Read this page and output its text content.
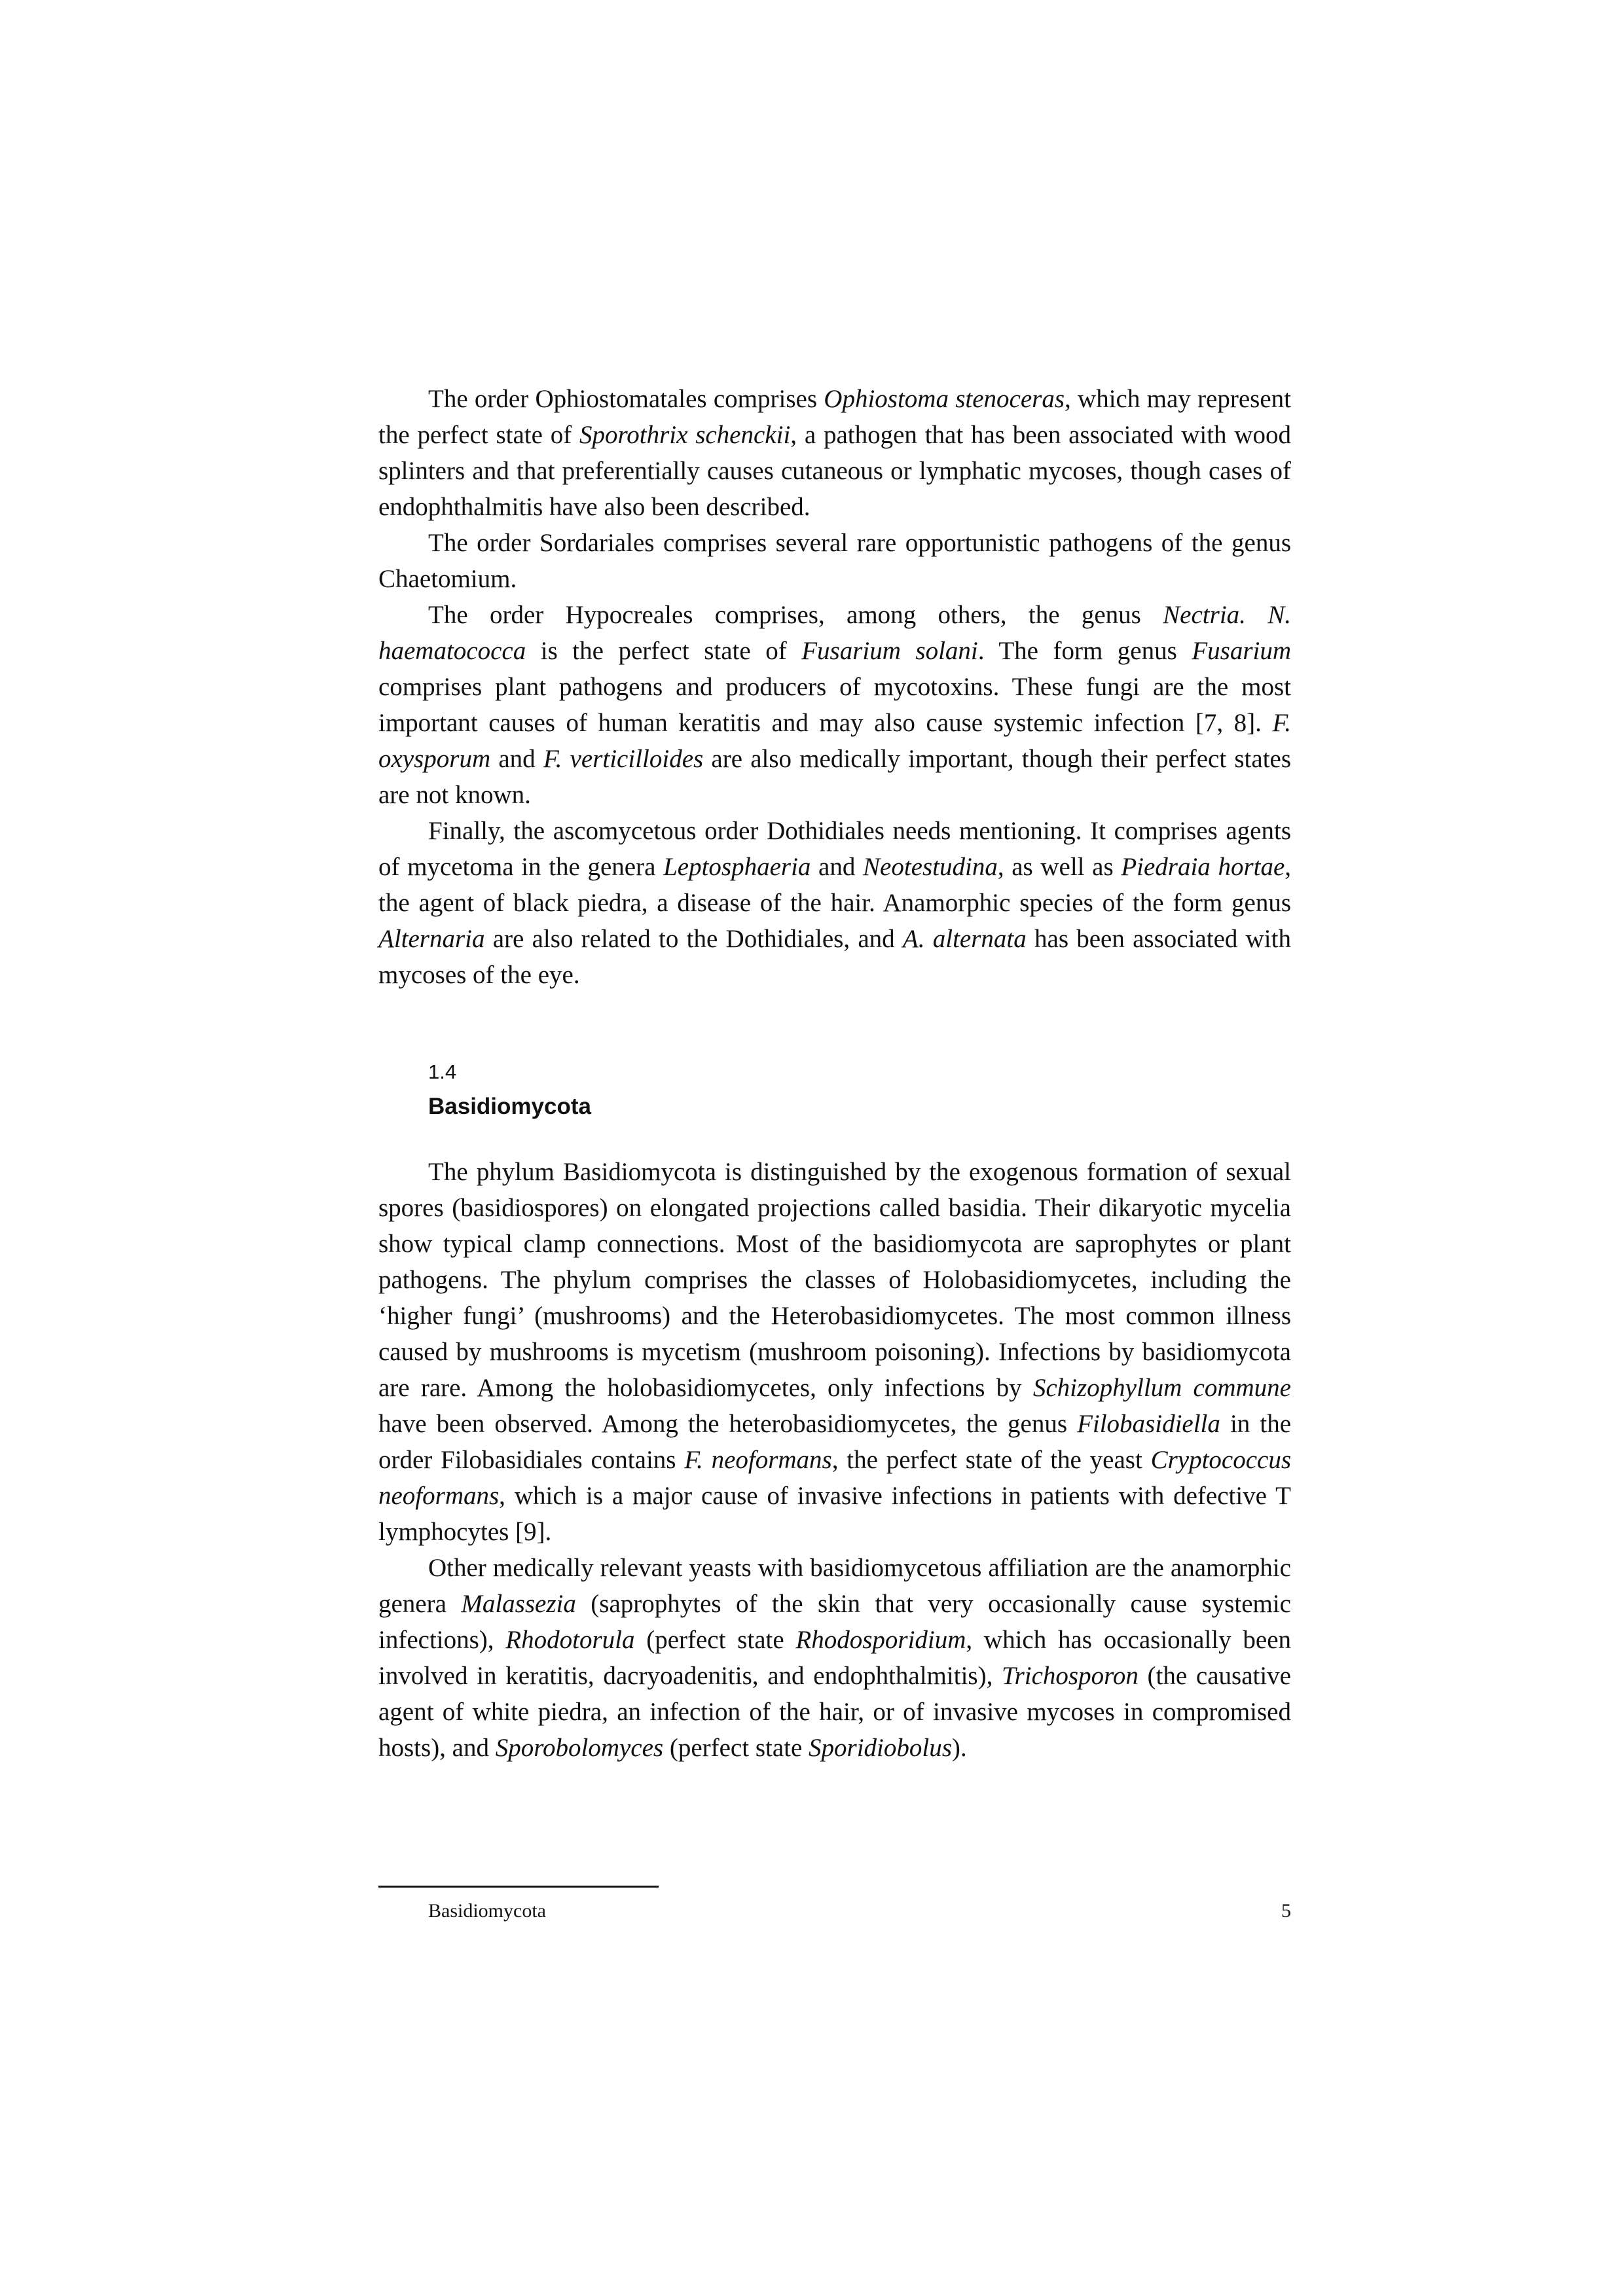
The order Ophiostomatales comprises Ophiostoma stenoceras, which may represent the perfect state of Sporothrix schenckii, a pathogen that has been associated with wood splinters and that preferentially causes cutaneous or lymphatic mycoses, though cases of endophthalmitis have also been described.

The order Sordariales comprises several rare opportunistic pathogens of the genus Chaetomium.

The order Hypocreales comprises, among others, the genus Nectria. N. haematococca is the perfect state of Fusarium solani. The form genus Fusarium comprises plant pathogens and producers of mycotoxins. These fungi are the most important causes of human keratitis and may also cause systemic infection [7, 8]. F. oxysporum and F. verticilloides are also medically important, though their perfect states are not known.

Finally, the ascomycetous order Dothidiales needs mentioning. It comprises agents of mycetoma in the genera Leptosphaeria and Neotestudina, as well as Piedraia hortae, the agent of black piedra, a disease of the hair. Anamorphic species of the form genus Alternaria are also related to the Dothidiales, and A. alternata has been associated with mycoses of the eye.

1.4
Basidiomycota

The phylum Basidiomycota is distinguished by the exogenous formation of sexual spores (basidiospores) on elongated projections called basidia. Their dikaryotic mycelia show typical clamp connections. Most of the basidiomycota are saprophytes or plant pathogens. The phylum comprises the classes of Holobasidiomycetes, including the ‘higher fungi’ (mushrooms) and the Heterobasidiomycetes. The most common illness caused by mushrooms is mycetism (mushroom poisoning). Infections by basidiomycota are rare. Among the holobasidiomycetes, only infections by Schizophyllum commune have been observed. Among the heterobasidiomycetes, the genus Filobasidiella in the order Filobasidiales contains F. neoformans, the perfect state of the yeast Cryptococcus neoformans, which is a major cause of invasive infections in patients with defective T lymphocytes [9].

Other medically relevant yeasts with basidiomycetous affiliation are the anamorphic genera Malassezia (saprophytes of the skin that very occasionally cause systemic infections), Rhodotorula (perfect state Rhodosporidium, which has occasionally been involved in keratitis, dacryoadenitis, and endophthalmitis), Trichosporon (the causative agent of white piedra, an infection of the hair, or of invasive mycoses in compromised hosts), and Sporobolomyces (perfect state Sporidiobolus).

Basidiomycota	5
